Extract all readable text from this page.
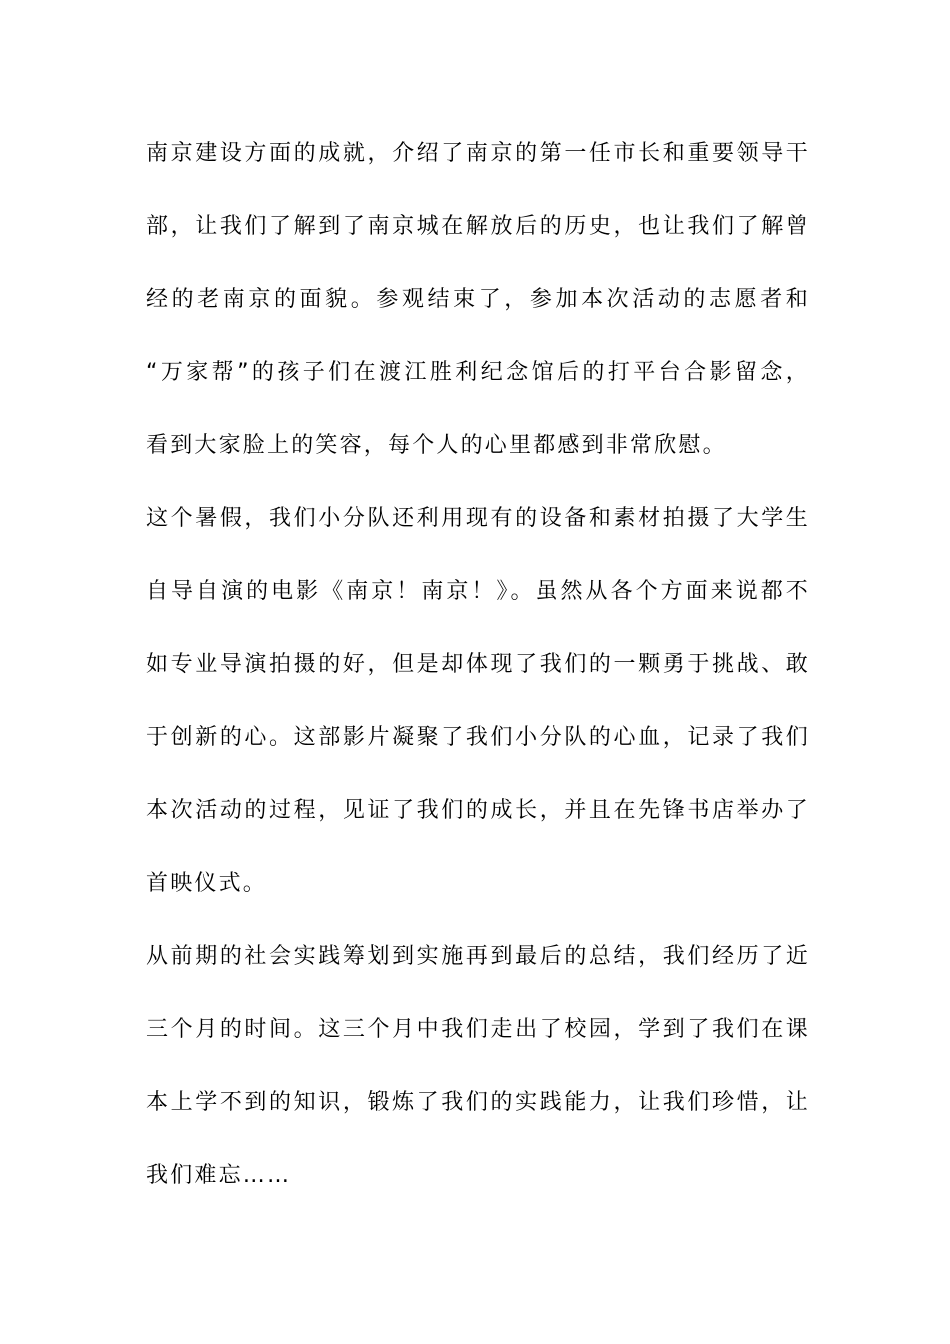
南京建设方面的成就，介绍了南京的第一任市长和重要领导干
部，让我们了解到了南京城在解放后的历史，也让我们了解曾
经的老南京的面貌。参观结束了，参加本次活动的志愿者和
“万家帮”的孩子们在渡江胜利纪念馆后的打平台合影留念，
看到大家脸上的笑容，每个人的心里都感到非常欣慰。
这个暑假，我们小分队还利用现有的设备和素材拍摄了大学生
自导自演的电影《南京！南京！》。虽然从各个方面来说都不
如专业导演拍摄的好，但是却体现了我们的一颗勇于挑战、敢
于创新的心。这部影片凝聚了我们小分队的心血，记录了我们
本次活动的过程，见证了我们的成长，并且在先锋书店举办了
首映仪式。
从前期的社会实践筹划到实施再到最后的总结，我们经历了近
三个月的时间。这三个月中我们走出了校园，学到了我们在课
本上学不到的知识，锻炼了我们的实践能力，让我们珍惜，让
我们难忘……
